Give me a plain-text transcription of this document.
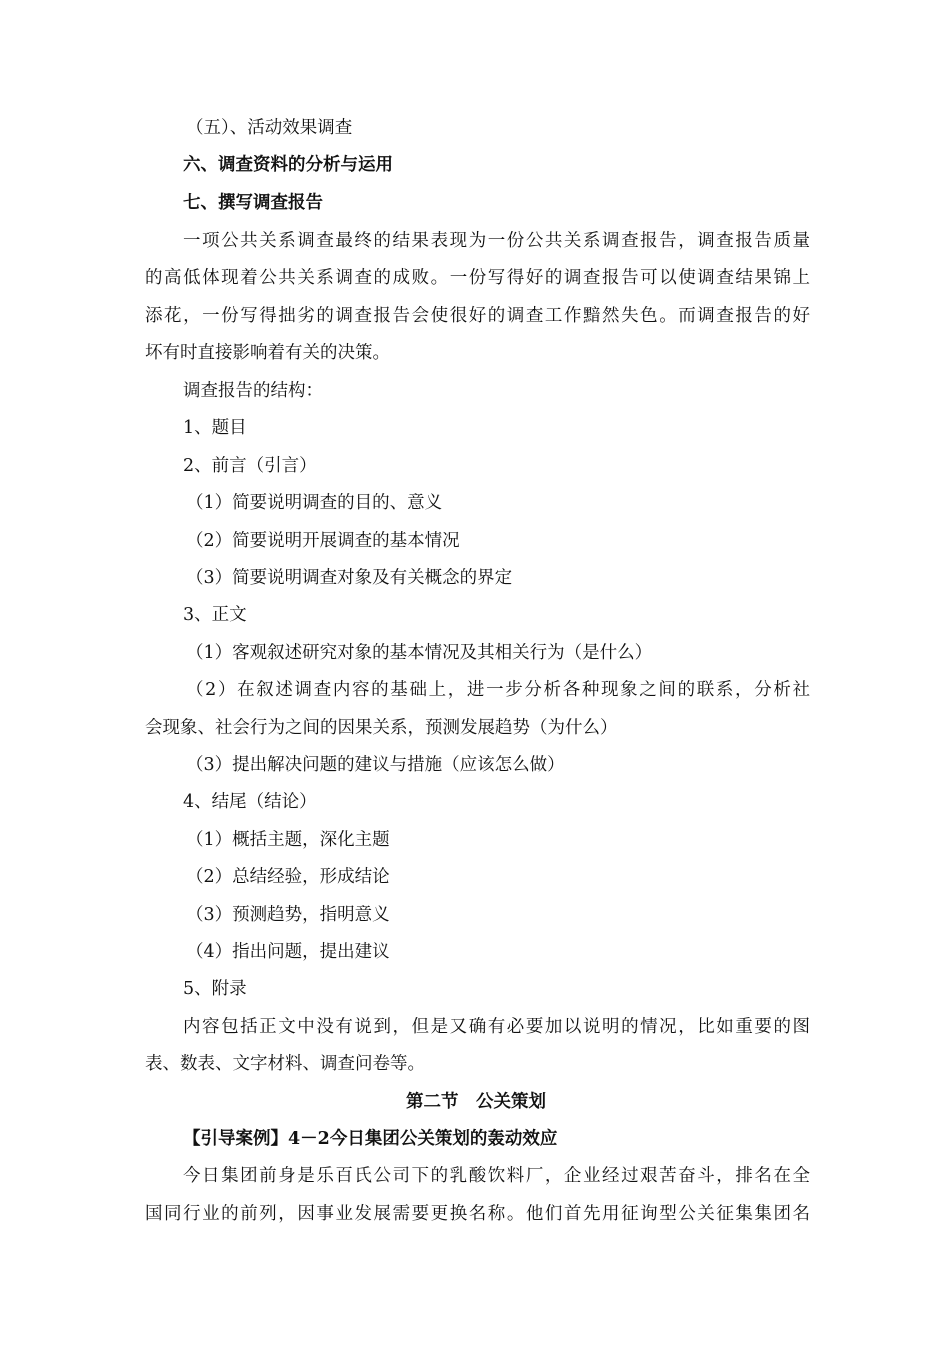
（五）、活动效果调查
六、调查资料的分析与运用
七、撰写调查报告
一项公共关系调查最终的结果表现为一份公共关系调查报告，调查报告质量
的高低体现着公共关系调查的成败。一份写得好的调查报告可以使调查结果锦上
添花，一份写得拙劣的调查报告会使很好的调查工作黯然失色。而调查报告的好
坏有时直接影响着有关的决策。
调查报告的结构：
1、题目
2、前言（引言）
（1）简要说明调查的目的、意义
（2）简要说明开展调查的基本情况
（3）简要说明调查对象及有关概念的界定
3、正文
（1）客观叙述研究对象的基本情况及其相关行为（是什么）
（2）在叙述调查内容的基础上，进一步分析各种现象之间的联系，分析社
会现象、社会行为之间的因果关系，预测发展趋势（为什么）
（3）提出解决问题的建议与措施（应该怎么做）
4、结尾（结论）
（1）概括主题，深化主题
（2）总结经验，形成结论
（3）预测趋势，指明意义
（4）指出问题，提出建议
5、附录
内容包括正文中没有说到，但是又确有必要加以说明的情况，比如重要的图
表、数表、文字材料、调查问卷等。
第二节　公关策划
【引导案例】4－2今日集团公关策划的轰动效应
今日集团前身是乐百氏公司下的乳酸饮料厂，企业经过艰苦奋斗，排名在全
国同行业的前列，因事业发展需要更换名称。他们首先用征询型公关征集集团名
